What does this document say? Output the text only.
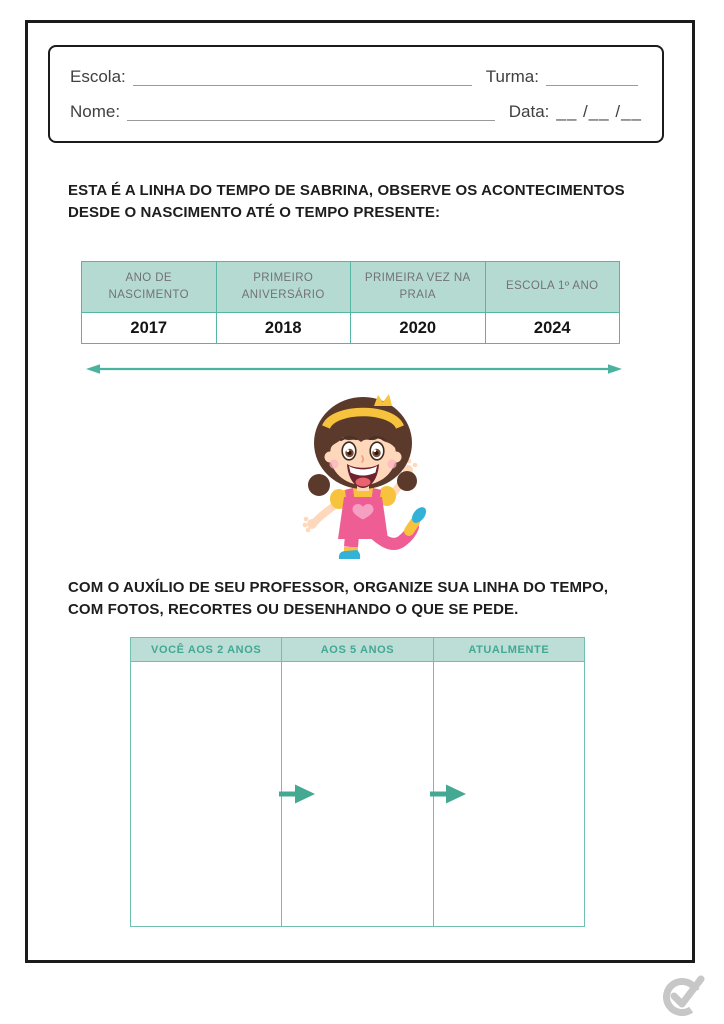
Escola:	Turma:
Nome:	Data: __ /__ /__
ESTA É A LINHA DO TEMPO DE SABRINA, OBSERVE OS ACONTECIMENTOS
DESDE O NASCIMENTO ATÉ O TEMPO PRESENTE:
ANO DE NASCIMENTO	PRIMEIRO ANIVERSÁRIO	PRIMEIRA VEZ NA PRAIA	ESCOLA 1º ANO
2017	2018	2020	2024
COM O AUXÍLIO DE SEU PROFESSOR, ORGANIZE SUA LINHA DO TEMPO,
COM FOTOS, RECORTES OU DESENHANDO O QUE SE PEDE.
VOCÊ AOS 2 ANOS	AOS 5 ANOS	ATUALMENTE
